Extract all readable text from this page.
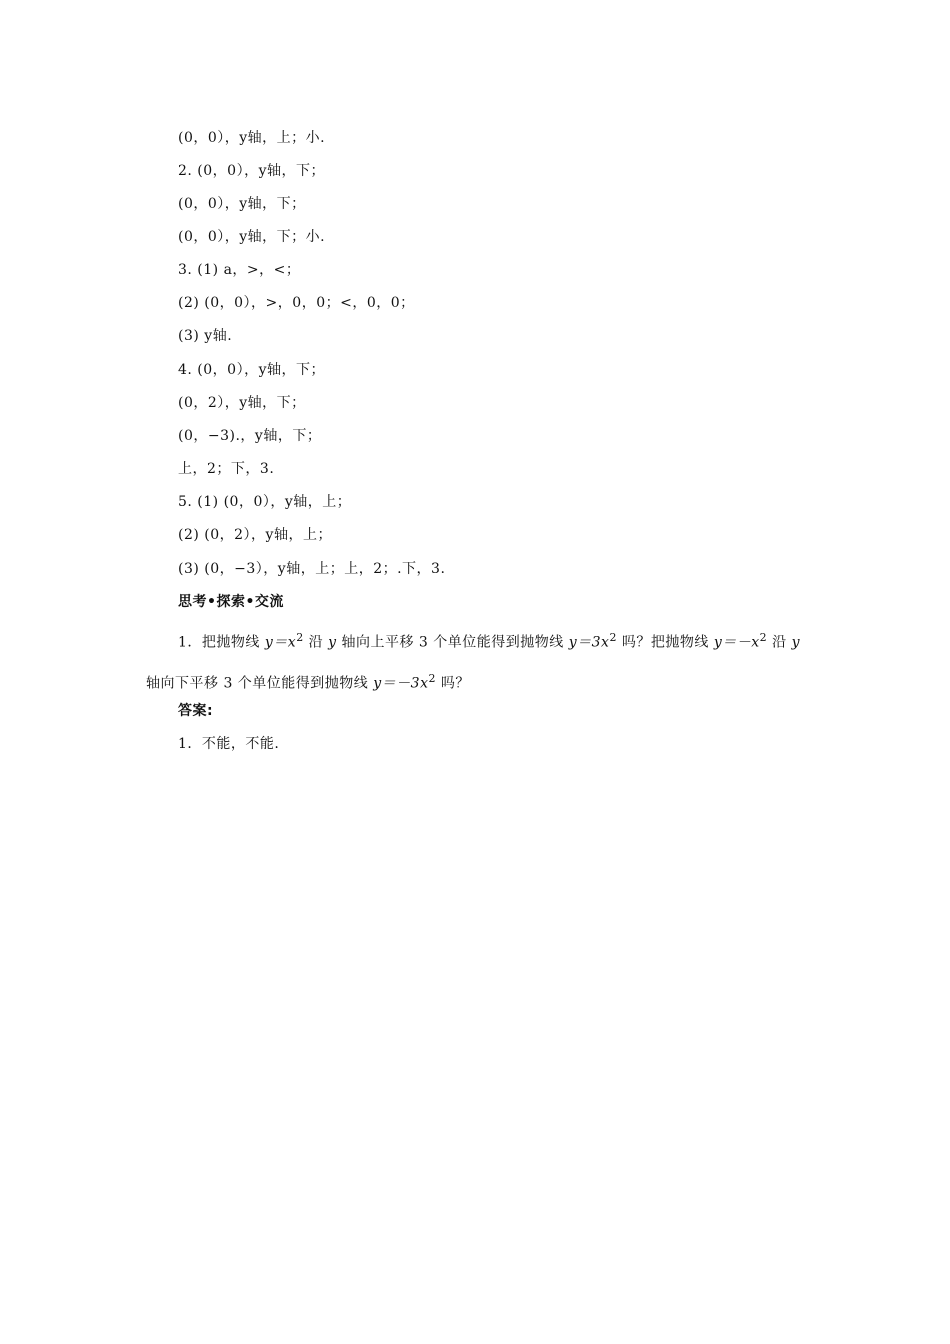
(0，0），y轴，上；小.
2. (0，0），y轴，下；
(0，0），y轴，下；
(0，0），y轴，下；小.
3. (1) a，>，<；
(2) (0，0），>，0，0；<，0，0；
(3) y轴.
4. (0，0），y轴，下；
(0，2），y轴，下；
(0，−3).，y轴，下；
上，2；下，3.
5. (1) (0，0），y轴，上；
(2) (0，2），y轴，上；
(3) (0，−3），y轴，上；上，2；.下，3.
思考•探索•交流
1．把抛物线 $y=x^2$ 沿 y 轴向上平移 3 个单位能得到抛物线 $y=3x^2$ 吗？把抛物线 $y=-x^2$ 沿 y 轴向下平移 3 个单位能得到抛物线 $y=-3x^2$ 吗？
答案:
1．不能，不能.
